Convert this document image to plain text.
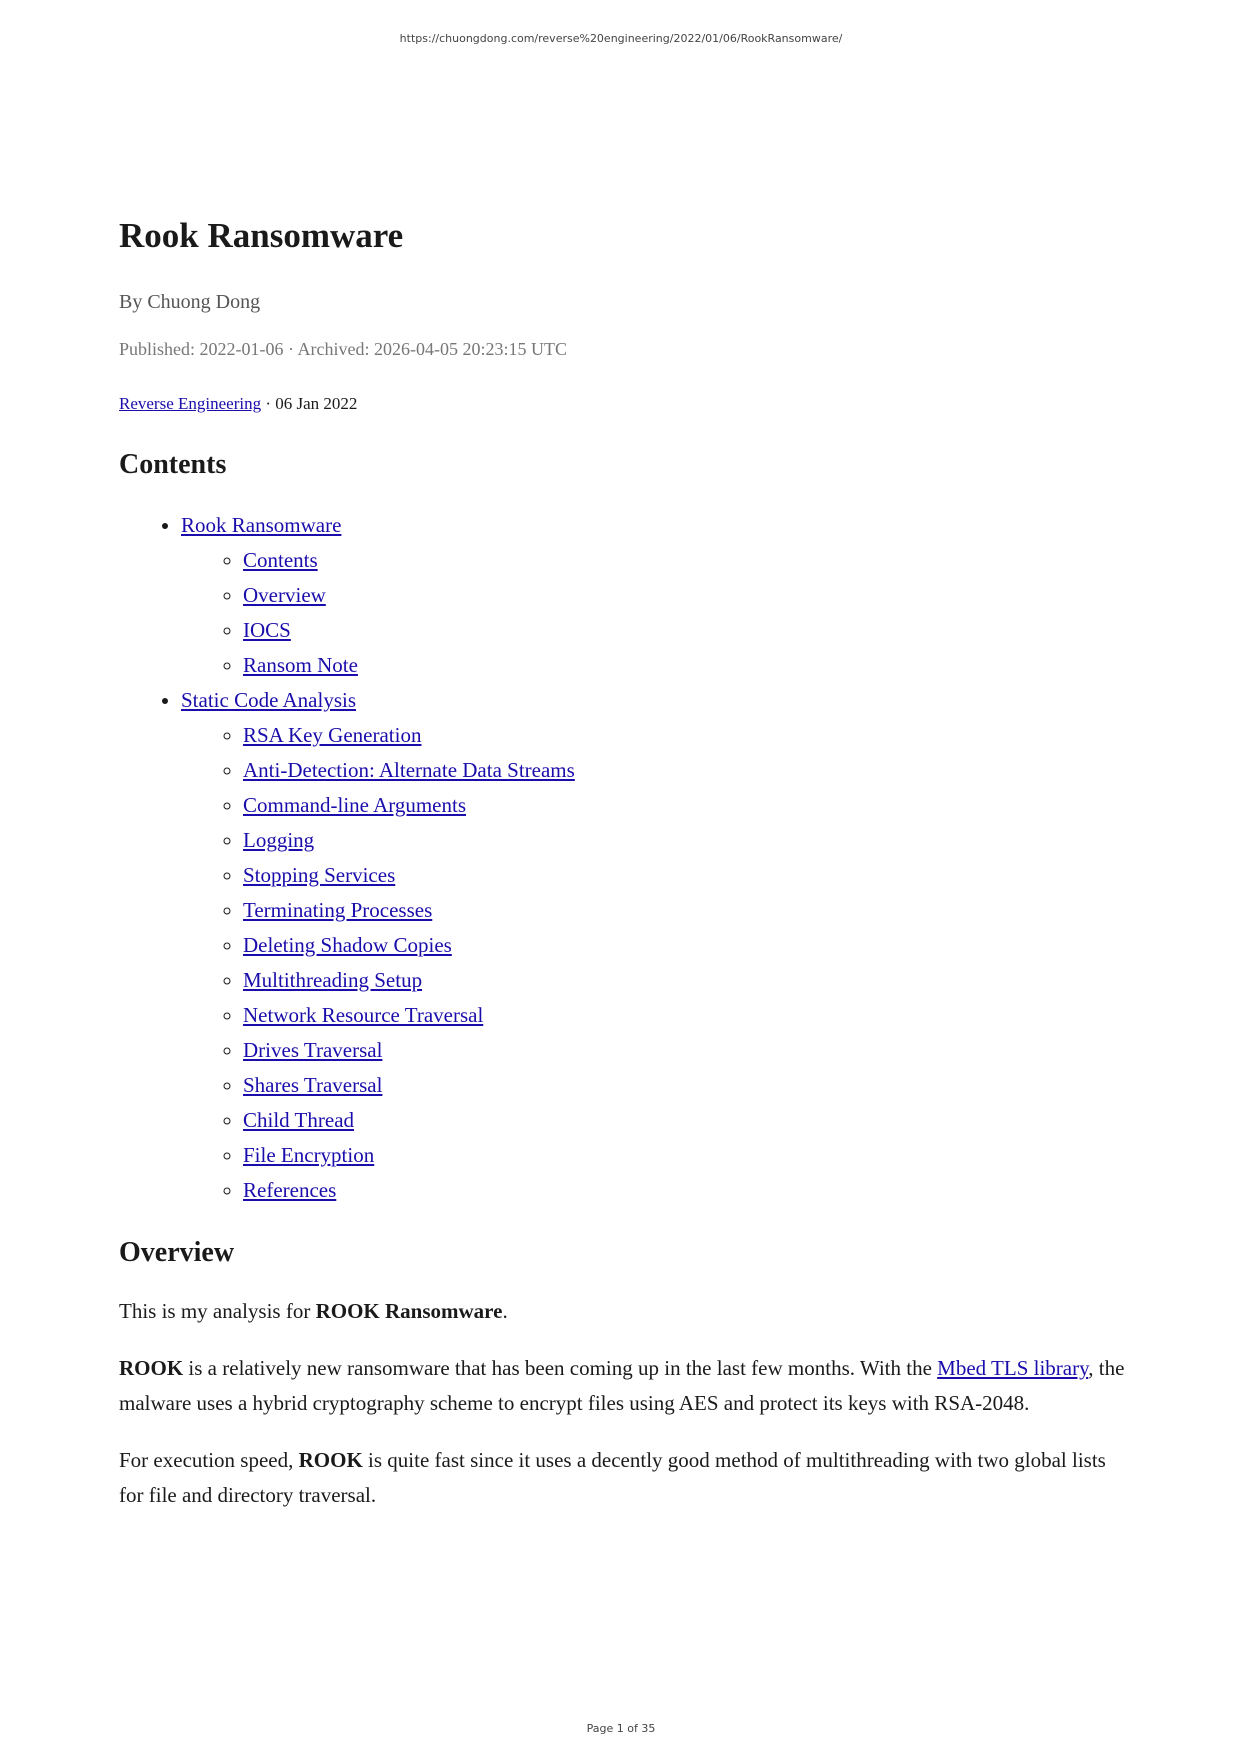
https://chuongdong.com/reverse%20engineering/2022/01/06/RookRansomware/
Rook Ransomware
By Chuong Dong
Published: 2022-01-06 · Archived: 2026-04-05 20:23:15 UTC
Reverse Engineering · 06 Jan 2022
Contents
• Rook Ransomware
◦ Contents
◦ Overview
◦ IOCS
◦ Ransom Note
• Static Code Analysis
◦ RSA Key Generation
◦ Anti-Detection: Alternate Data Streams
◦ Command-line Arguments
◦ Logging
◦ Stopping Services
◦ Terminating Processes
◦ Deleting Shadow Copies
◦ Multithreading Setup
◦ Network Resource Traversal
◦ Drives Traversal
◦ Shares Traversal
◦ Child Thread
◦ File Encryption
◦ References
Overview

This is my analysis for ROOK Ransomware.

ROOK is a relatively new ransomware that has been coming up in the last few months. With the Mbed TLS library, the malware uses a hybrid cryptography scheme to encrypt files using AES and protect its keys with RSA-2048.

For execution speed, ROOK is quite fast since it uses a decently good method of multithreading with two global lists for file and directory traversal.

Page 1 of 35
